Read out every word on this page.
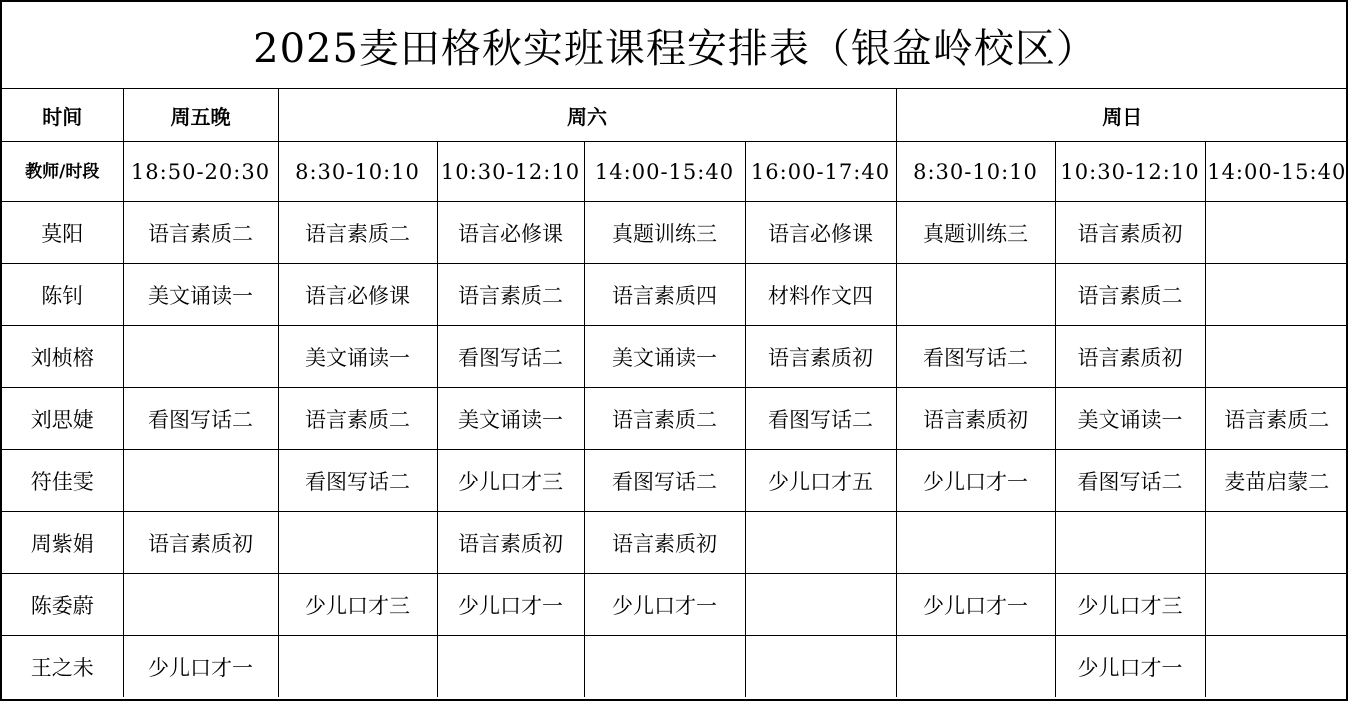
2025麦田格秋实班课程安排表（银盆岭校区）								
时间	周五晚	周六				周日		
教师/时段	18:50-20:30	8:30-10:10	10:30-12:10	14:00-15:40	16:00-17:40	8:30-10:10	10:30-12:10	14:00-15:40
莫阳	语言素质二	语言素质二	语言必修课	真题训练三	语言必修课	真题训练三	语言素质初	
陈钊	美文诵读一	语言必修课	语言素质二	语言素质四	材料作文四		语言素质二	
刘桢榕		美文诵读一	看图写话二	美文诵读一	语言素质初	看图写话二	语言素质初	
刘思婕	看图写话二	语言素质二	美文诵读一	语言素质二	看图写话二	语言素质初	美文诵读一	语言素质二
符佳雯		看图写话二	少儿口才三	看图写话二	少儿口才五	少儿口才一	看图写话二	麦苗启蒙二
周紫娟	语言素质初		语言素质初	语言素质初				
陈委蔚		少儿口才三	少儿口才一	少儿口才一		少儿口才一	少儿口才三	
王之未	少儿口才一						少儿口才一	
